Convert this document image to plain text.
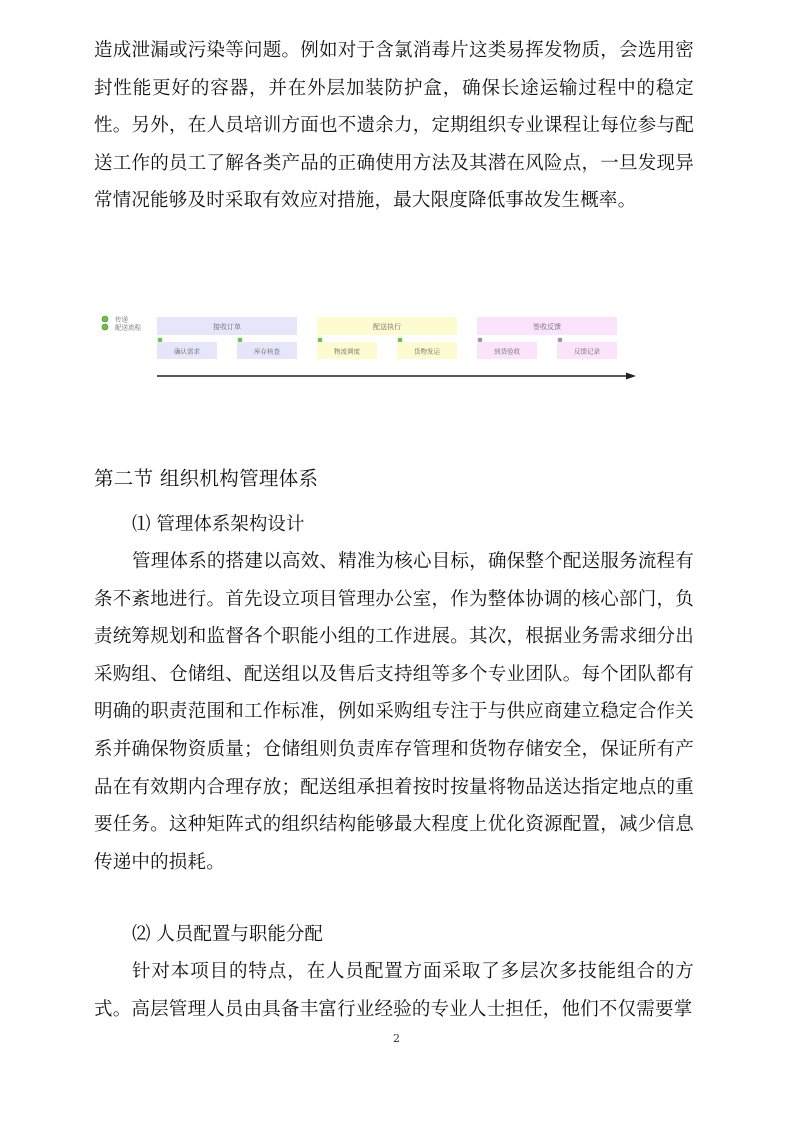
造成泄漏或污染等问题。例如对于含氯消毒片这类易挥发物质，会选用密封性能更好的容器，并在外层加装防护盒，确保长途运输过程中的稳定性。另外，在人员培训方面也不遗余力，定期组织专业课程让每位参与配送工作的员工了解各类产品的正确使用方法及其潜在风险点，一旦发现异常情况能够及时采取有效应对措施，最大限度降低事故发生概率。

传递
配送流程	接收订单
确认需求	库存核查
配送执行
物流调度	货物发运
签收反馈
到货验收	反馈记录
第二节 组织机构管理体系
⑴ 管理体系架构设计

管理体系的搭建以高效、精准为核心目标，确保整个配送服务流程有条不紊地进行。首先设立项目管理办公室，作为整体协调的核心部门，负责统筹规划和监督各个职能小组的工作进展。其次，根据业务需求细分出采购组、仓储组、配送组以及售后支持组等多个专业团队。每个团队都有明确的职责范围和工作标准，例如采购组专注于与供应商建立稳定合作关系并确保物资质量；仓储组则负责库存管理和货物存储安全，保证所有产品在有效期内合理存放；配送组承担着按时按量将物品送达指定地点的重要任务。这种矩阵式的组织结构能够最大程度上优化资源配置，减少信息传递中的损耗。

⑵ 人员配置与职能分配

针对本项目的特点，在人员配置方面采取了多层次多技能组合的方式。高层管理人员由具备丰富行业经验的专业人士担任，他们不仅需要掌

2
